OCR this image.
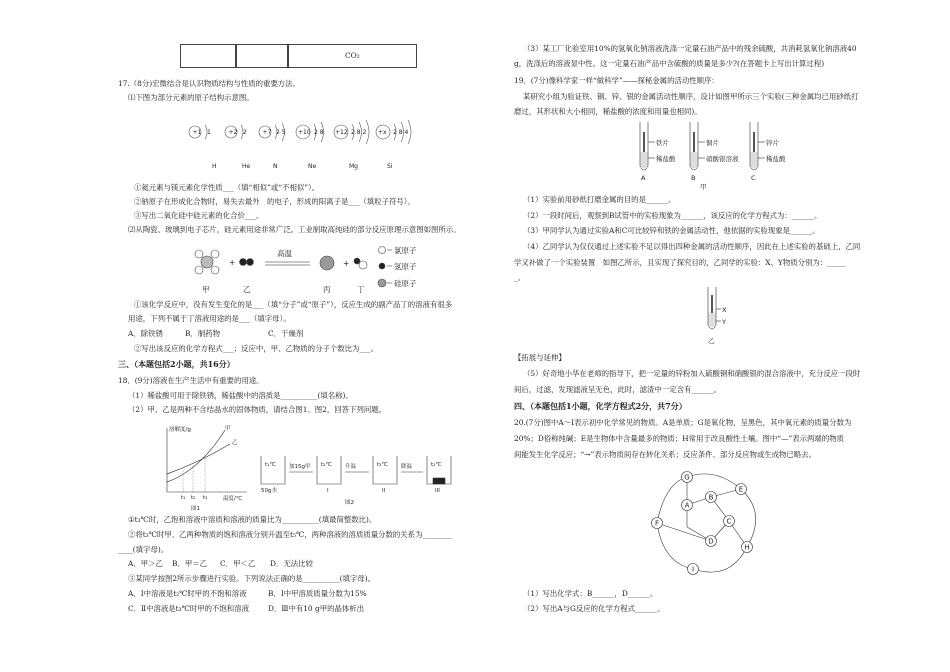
CO₂
17.（8分)宏微结合是认识物质结构与性质的重要方法。
⑴下图为部分元素的原子结构示意图。
+1 1
H
+2 2
He
+7 2 5
N
+10 2 8
Ne
+12 2 8 2
Mg
+x 2 8 4
Si
①氦元素与镁元素化学性质___（填“相似”或“不相似”）。
②钠原子在形成化合物时，易失去最外　的电子，形成的阳离子是___（填粒子符号）。
③写出二氧化硅中硅元素的化合价___。
⑵从陶瓷、玻璃到电子芯片，硅元素用途非常广泛。工业制取高纯硅的部分反应原理示意图如图所示。
+
高温
+
甲	乙	丙	丁
氯原子
氢原子
硅原子
①该化学反应中，没有发生变化的是___（填“分子”或“原子”），反应生成的副产品丁的溶液有很多
用途，下列不属于丁溶液用途的是___（填字母）。
A．除铁锈	B．制药物	C．干燥剂
②写出该反应的化学方程式___；反应中，甲、乙物质的分子个数比为___。
三、（本题包括2小题，共16分）
18．(9分)溶液在生产生活中有重要的用途。
（1）稀盐酸可用于除铁锈，稀盐酸中的溶质是__________(填名称)。
（2）甲、乙是两种不含结晶水的固体物质，请结合图1、图2，回答下列问题。
溶解度/g
温度/℃
甲
乙
t₁ t₂ t₃
图1
t₁℃
50g水
加15g甲 t₂℃
I
升温	t₃℃
II
降温	t₂℃
III
图2
①t₃℃时，乙饱和溶液中溶质和溶液的质量比为__________(填最简整数比)。
②将t₃℃时甲、乙两种物质的饱和溶液分别升温至t₅℃，两种溶液的溶质质量分数的关系为________
____(填字母)。
A．甲＞乙 B．甲＝乙 C．甲＜乙 D．无法比较
③某同学按图2所示步骤进行实验。下列说法正确的是__________(填字母)。
A．Ⅰ中溶液是t₂℃时甲的不饱和溶液	B．Ⅰ中甲溶质质量分数为15%
C．Ⅱ中溶液是t₃℃时甲的不饱和溶液	D．Ⅲ中有10 g甲的晶体析出
（3）某工厂化验室用10%的氢氧化钠溶液洗涤一定量石油产品中的残余硫酸，共消耗氢氧化钠溶液40
g，洗涤后的溶液显中性。这一定量石油产品中含硫酸的质量是多少?(在答题卡上写出计算过程)
19．(7分)像科学家一样“做科学”——探秘金属的活动性顺序：
某研究小组为验证铁、铜、锌、银的金属活动性顺序，设计如图甲所示三个实验(三种金属均已用砂纸打
磨过，其形状和大小相同，稀盐酸的浓度和用量也相同)。
铁片
稀盐酸
A
铜片
硝酸银溶液
B
锌片
稀盐酸
C
甲
（1）实验前用砂纸打磨金属的目的是______。
（2）一段时间后，观察到B试管中的实验现象为______，该反应的化学方程式为：______。
（3）甲同学认为通过实验A和C可比较锌和铁的金属活动性，他依据的实验现象是______。
（4）乙同学认为仅仅通过上述实验不足以得出四种金属的活动性顺序，因此在上述实验的基础上，乙同
学又补做了一个实验装置　如图乙所示，且实现了探究目的，乙同学的实验：X、Y物质分别为：_____
_。
X
Y
乙
【拓展与延伸】
（5）好奇地小华在老师的指导下，把一定量的锌粉加入硫酸铜和硝酸银的混合溶液中，充分反应一段时
间后，过滤，发现滤液呈无色，此时，滤渣中一定含有______。
四、（本题包括1小题，化学方程式2分，共7分）
20.(7分)图中A～I表示初中化学常见的物质。A是单质；G是氧化物，呈黑色，其中氧元素的质量分数为
20%；D俗称纯碱；E是生物体中含量最多的物质；H常用于改良酸性土壤。图中“—”表示两端的物质
间能发生化学反应；“→”表示物质间存在转化关系；反应条件、部分反应物或生成物已略去。
G
E
B
A
C
F
H
D
I
（1）写出化学式：B______，D______。
（2）写出A与G反应的化学方程式______。
